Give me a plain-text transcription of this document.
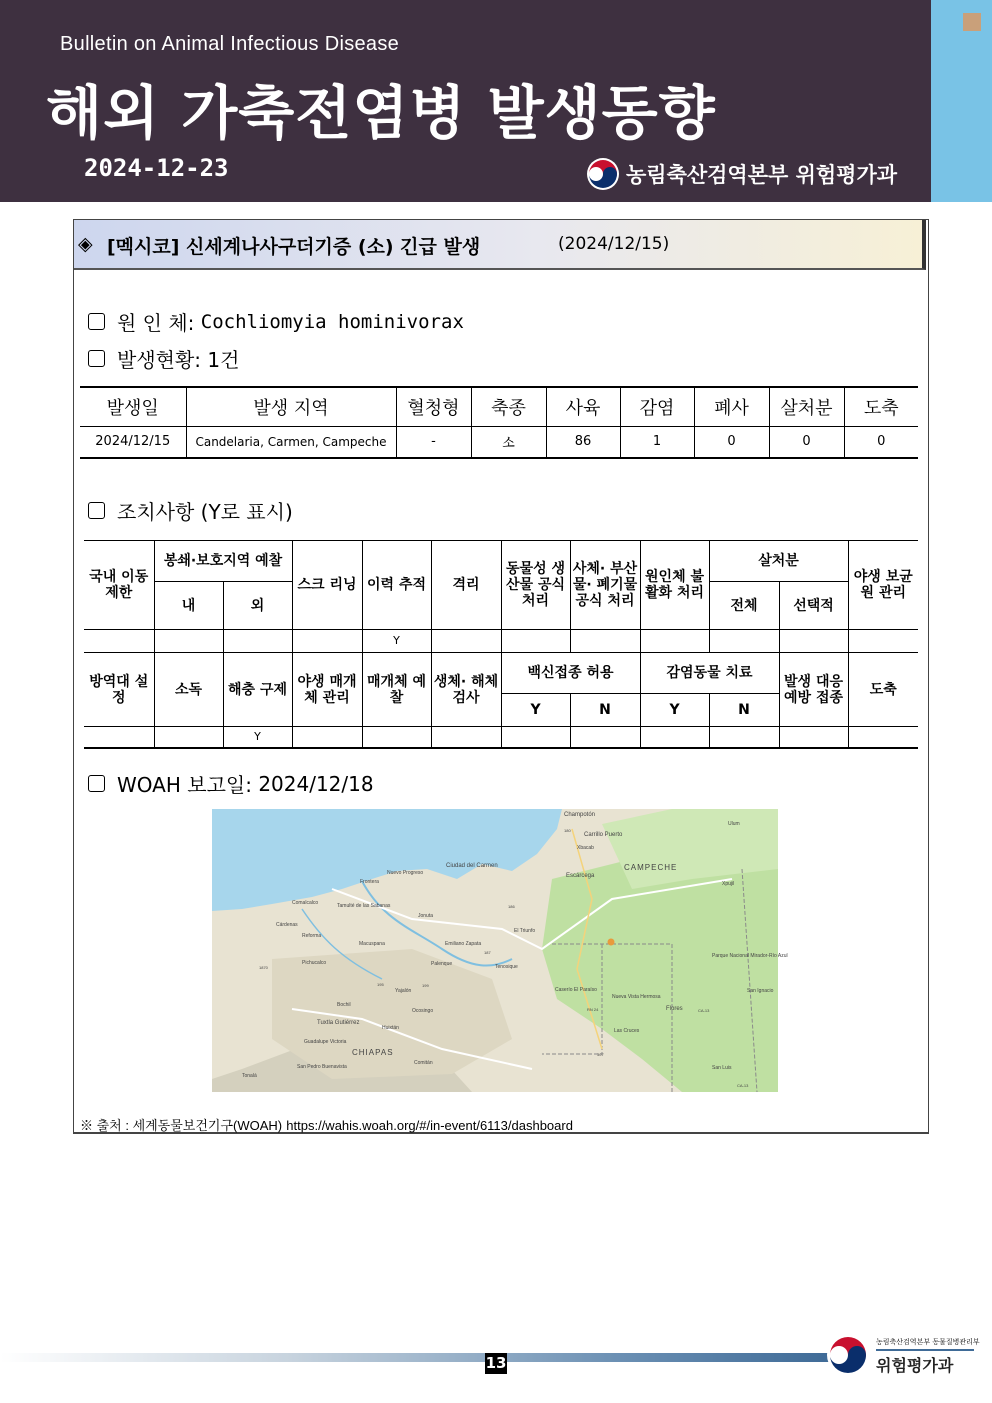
Bulletin on Animal Infectious Disease
해외 가축전염병 발생동향
2024-12-23	농림축산검역본부 위험평가과
◈ [멕시코] 신세계나사구더기증 (소) 긴급 발생	(2024/12/15)
원 인 체:
Cochliomyia hominivorax
발생현황:
1건
발생일	발생 지역	혈청형	축종	사육	감염	폐사	살처분	도축
2024/12/15	Candelaria, Carmen, Campeche	-	소	86	1	0	0	0
조치사항 (Y로 표시)
국내 이동 제한	봉쇄·보호지역 예찰		스크 리닝	이력 추적	격리	동물성 생산물 공식 처리	사체· 부산물· 폐기물 공식 처리	원인체 불활화 처리	살처분		야생 보균원 관리
	내	외							전체	선택적	
				Y							
방역대 설정	소독	해충 구제	야생 매개체 관리	매개체 예찰	생체· 해체 검사	백신접종 허용		감염동물 치료		발생 대응 예방 접종	도축
						Y	N	Y	N		
		Y									
WOAH 보고일:
2024/12/18
Champotón
Carrillo Puerto
Xbacab
CAMPECHE
Escárcega
Xpujil
Ciudad del Carmen
Nuevo Progreso
Frontera
Comalcalco	Tamulté de las Sabanas
Jonuta
El Triunfo
Cárdenas
Reforma
Macuspana	Emiliano Zapata
Pichucalco	Palenque	Tenosique
Parque Nacional Mirador-Río Azul
Yajalón	Caserío El Paraíso
Nueva Vista Hermosa
Flores
San Ignacio
Bochil
Ocosingo
Tuxtla Gutiérrez
Huixtán	Las Cruces
Guadalupe Victoria
CHIAPAS
Comitán
San Pedro Buenavista
Tonalá
San Luis
Ulum
180
186
199
195
187
1870
307
CA-13
CA-13
RN 24
※ 출처 : 세계동물보건기구(WOAH) https://wahis.woah.org/#/in-event/6113/dashboard
13
농림축산검역본부 동물질병관리부
위험평가과
